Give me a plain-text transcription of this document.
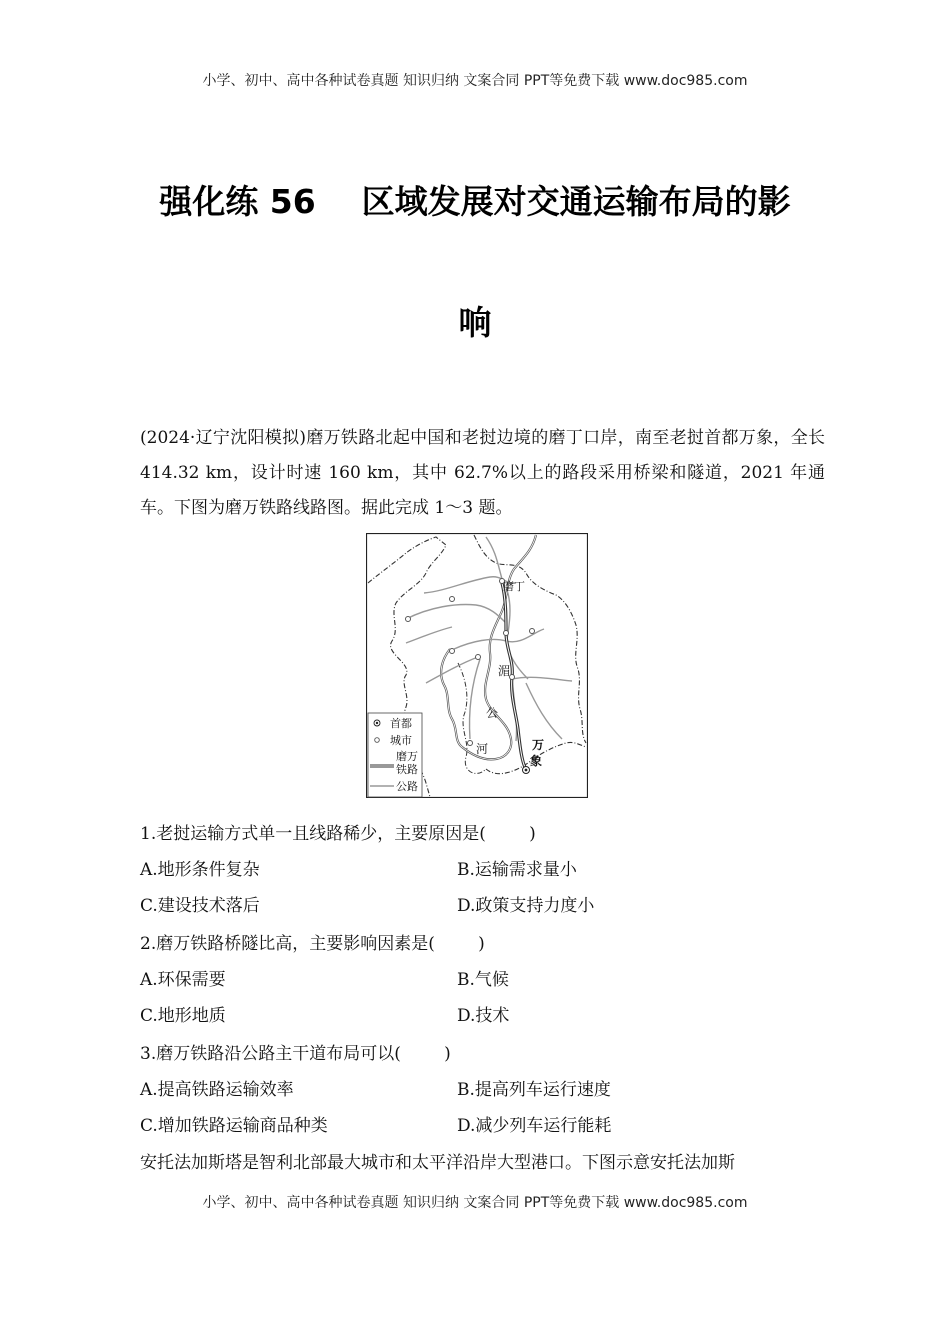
小学、初中、高中各种试卷真题 知识归纳 文案合同 PPT等免费下载 www.doc985.com
强化练 56    区域发展对交通运输布局的影
响
(2024·辽宁沈阳模拟)磨万铁路北起中国和老挝边境的磨丁口岸，南至老挝首都万象，全长 414.32 km，设计时速 160 km，其中 62.7%以上的路段采用桥梁和隧道，2021 年通车。下图为磨万铁路线路图。据此完成 1～3 题。
磨丁
湄
公
河	万
象
首都
城市
磨万
铁路
公路
1.老挝运输方式单一且线路稀少，主要原因是(        )
A.地形条件复杂	B.运输需求量小
C.建设技术落后	D.政策支持力度小
2.磨万铁路桥隧比高，主要影响因素是(        )
A.环保需要	B.气候
C.地形地质	D.技术
3.磨万铁路沿公路主干道布局可以(        )
A.提高铁路运输效率	B.提高列车运行速度
C.增加铁路运输商品种类	D.减少列车运行能耗
安托法加斯塔是智利北部最大城市和太平洋沿岸大型港口。下图示意安托法加斯
小学、初中、高中各种试卷真题 知识归纳 文案合同 PPT等免费下载 www.doc985.com
